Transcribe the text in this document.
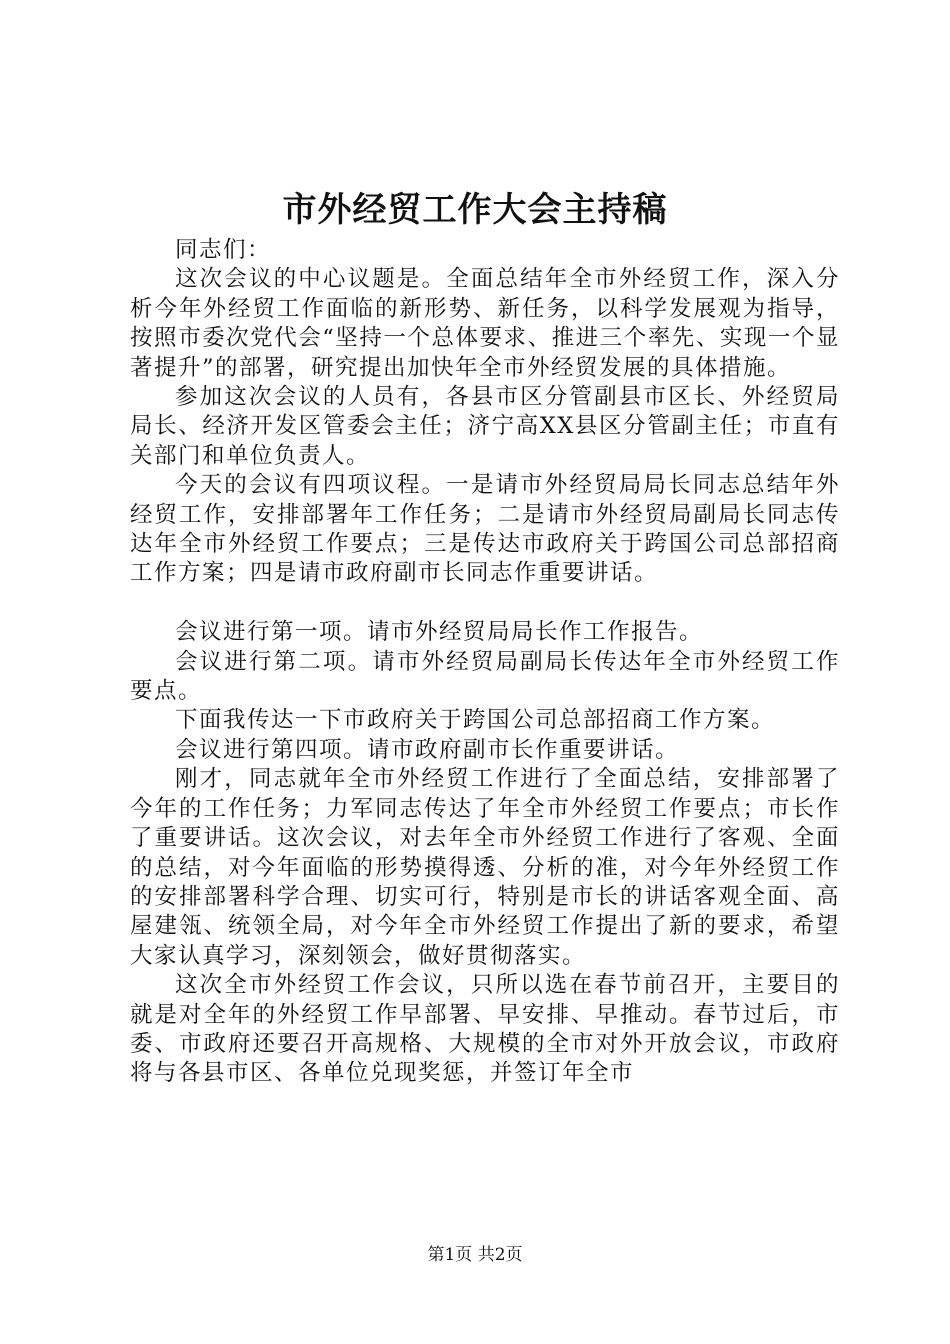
市外经贸工作大会主持稿

同志们：

这次会议的中心议题是。全面总结年全市外经贸工作，深入分析今年外经贸工作面临的新形势、新任务，以科学发展观为指导，按照市委次党代会“坚持一个总体要求、推进三个率先、实现一个显著提升”的部署，研究提出加快年全市外经贸发展的具体措施。

参加这次会议的人员有，各县市区分管副县市区长、外经贸局局长、经济开发区管委会主任；济宁高XX县区分管副主任；市直有关部门和单位负责人。

今天的会议有四项议程。一是请市外经贸局局长同志总结年外经贸工作，安排部署年工作任务；二是请市外经贸局副局长同志传达年全市外经贸工作要点；三是传达市政府关于跨国公司总部招商工作方案；四是请市政府副市长同志作重要讲话。

会议进行第一项。请市外经贸局局长作工作报告。

会议进行第二项。请市外经贸局副局长传达年全市外经贸工作要点。

下面我传达一下市政府关于跨国公司总部招商工作方案。

会议进行第四项。请市政府副市长作重要讲话。

刚才，同志就年全市外经贸工作进行了全面总结，安排部署了今年的工作任务；力军同志传达了年全市外经贸工作要点；市长作了重要讲话。这次会议，对去年全市外经贸工作进行了客观、全面的总结，对今年面临的形势摸得透、分析的准，对今年外经贸工作的安排部署科学合理、切实可行，特别是市长的讲话客观全面、高屋建瓴、统领全局，对今年全市外经贸工作提出了新的要求，希望大家认真学习，深刻领会，做好贯彻落实。

这次全市外经贸工作会议，只所以选在春节前召开，主要目的就是对全年的外经贸工作早部署、早安排、早推动。春节过后，市委、市政府还要召开高规格、大规模的全市对外开放会议，市政府将与各县市区、各单位兑现奖惩，并签订年全市

第1页 共2页
